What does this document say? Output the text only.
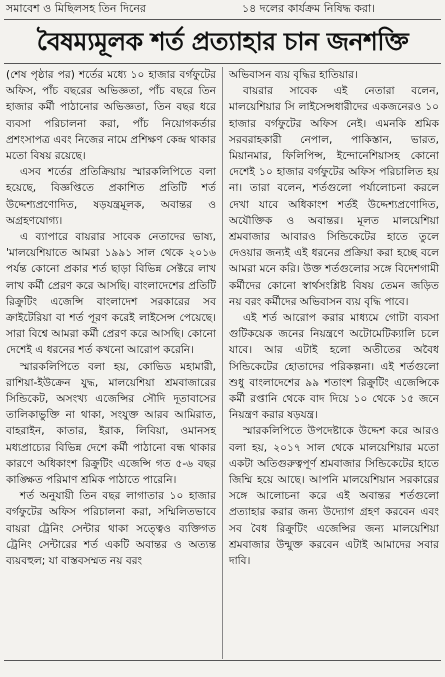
সমাবেশ ও মিছিলসহ তিন দিনের	১৪ দলের কার্যক্রম নিষিদ্ধ করা।
বৈষম্যমূলক শর্ত প্রত্যাহার চান জনশক্তি

(শেষ পৃষ্ঠার পর) শর্তের মধ্যে ১০ হাজার বর্গফুটের অফিস, পাঁচ বছরের অভিজ্ঞতা, পাঁচ বছরে তিন হাজার কর্মী পাঠানোর অভিজ্ঞতা, তিন বছর ধরে ব্যবসা পরিচালনা করা, পাঁচ নিয়োগকর্তার প্রশংসাপত্র এবং নিজের নামে প্রশিক্ষণ কেন্দ্র থাকার মতো বিষয় রয়েছে।

এসব শর্তের প্রতিক্রিয়ায় স্মারকলিপিতে বলা হয়েছে, বিজ্ঞপ্তিতে প্রকাশিত প্রতিটি শর্ত উদ্দেশ্যপ্রণোদিত, ষড়যন্ত্রমূলক, অবান্তর ও অগ্রহণযোগ্য।

এ ব্যাপারে বায়রার সাবেক নেতাদের ভাষ্য, 'মালয়েশিয়াতে আমরা ১৯৯১ সাল থেকে ২০১৬ পর্যন্ত কোনো প্রকার শর্ত ছাড়া বিভিন্ন সেক্টরে লাখ লাখ কর্মী প্রেরণ করে আসছি। বাংলাদেশের প্রতিটি রিক্রুটিং এজেন্সি বাংলাদেশ সরকারের সব ক্রাইটেরিয়া বা শর্ত পূরণ করেই লাইসেন্স পেয়েছে। সারা বিশ্বে আমরা কর্মী প্রেরণ করে আসছি। কোনো দেশেই এ ধরনের শর্ত কখনো আরোপ করেনি।

স্মারকলিপিতে বলা হয়, কোভিড মহামারী, রাশিয়া-ইউক্রেন যুদ্ধ, মালয়েশিয়া শ্রমবাজারের সিন্ডিকেট, অসংখ্য এজেন্সির সৌদি দূতাবাসের তালিকাভুক্তি না থাকা, সংযুক্ত আরব আমিরাত, বাহরাইন, কাতার, ইরাক, লিবিয়া, ওমানসহ মধ্যপ্রাচ্যের বিভিন্ন দেশে কর্মী পাঠানো বন্ধ থাকার কারণে অধিকাংশ রিক্রুটিং এজেন্সি গত ৫-৬ বছর কাঙ্ক্ষিত পরিমাণ শ্রমিক পাঠাতে পারেনি।

শর্ত অনুযায়ী তিন বছর লাগাতার ১০ হাজার বর্গফুটের অফিস পরিচালনা করা, সম্মিলিতভাবে বায়রা ট্রেনিং সেন্টার থাকা সত্ত্বেও ব্যক্তিগত ট্রেনিং সেন্টারের শর্ত একটি অবান্তর ও অত্যন্ত ব্যয়বহুল; যা বাস্তবসম্মত নয় বরং

অভিবাসন ব্যয় বৃদ্ধির হাতিয়ার।

বায়রার সাবেক এই নেতারা বলেন, মালয়েশিয়ার সি লাইসেন্সধারীদের একজনেরও ১০ হাজার বর্গফুটের অফিস নেই। এমনকি শ্রমিক সরবরাহকারী নেপাল, পাকিস্তান, ভারত, মিয়ানমার, ফিলিপিন্স, ইন্দোনেশিয়াসহ কোনো দেশেই ১০ হাজার বর্গফুটের অফিস পরিচালিত হয় না। তারা বলেন, শর্তগুলো পর্যালোচনা করলে দেখা যাবে অধিকাংশ শর্তই উদ্দেশ্যপ্রণোদিত, অযৌক্তিক ও অবান্তর। মূলত মালয়েশিয়া শ্রমবাজার আবারও সিন্ডিকেটের হাতে তুলে দেওয়ার জন্যই এই ধরনের প্রক্রিয়া করা হচ্ছে বলে আমরা মনে করি। উক্ত শর্তগুলোর সঙ্গে বিদেশগামী কর্মীদের কোনো স্বার্থসংশ্লিষ্ট বিষয় তেমন জড়িত নয় বরং কর্মীদের অভিবাসন ব্যয় বৃদ্ধি পাবে।

এই শর্ত আরোপ করার মাধ্যমে গোটা ব্যবসা গুটিকয়েক জনের নিয়ন্ত্রণে অটোমেটিক্যালি চলে যাবে। আর এটাই হলো অতীতের অবৈধ সিন্ডিকেটের হোতাদের পরিকল্পনা। এই শর্তগুলো শুধু বাংলাদেশের ৯৯ শতাংশ রিক্রুটিং এজেন্সিকে কর্মী রপ্তানি থেকে বাদ দিয়ে ১০ থেকে ১৫ জনে নিয়ন্ত্রণ করার ষড়যন্ত্র।

স্মারকলিপিতে উপদেষ্টাকে উদ্দেশ করে আরও বলা হয়, ২০১৭ সাল থেকে মালয়েশিয়ার মতো একটা অতিগুরুত্বপূর্ণ শ্রমবাজার সিন্ডিকেটের হাতে জিম্মি হয়ে আছে। আপনি মালয়েশিয়ান সরকারের সঙ্গে আলোচনা করে এই অবান্তর শর্তগুলো প্রত্যাহার করার জন্য উদ্যোগ গ্রহণ করবেন এবং সব বৈধ রিক্রুটিং এজেন্সির জন্য মালয়েশিয়া শ্রমবাজার উন্মুক্ত করবেন এটাই আমাদের সবার দাবি।
